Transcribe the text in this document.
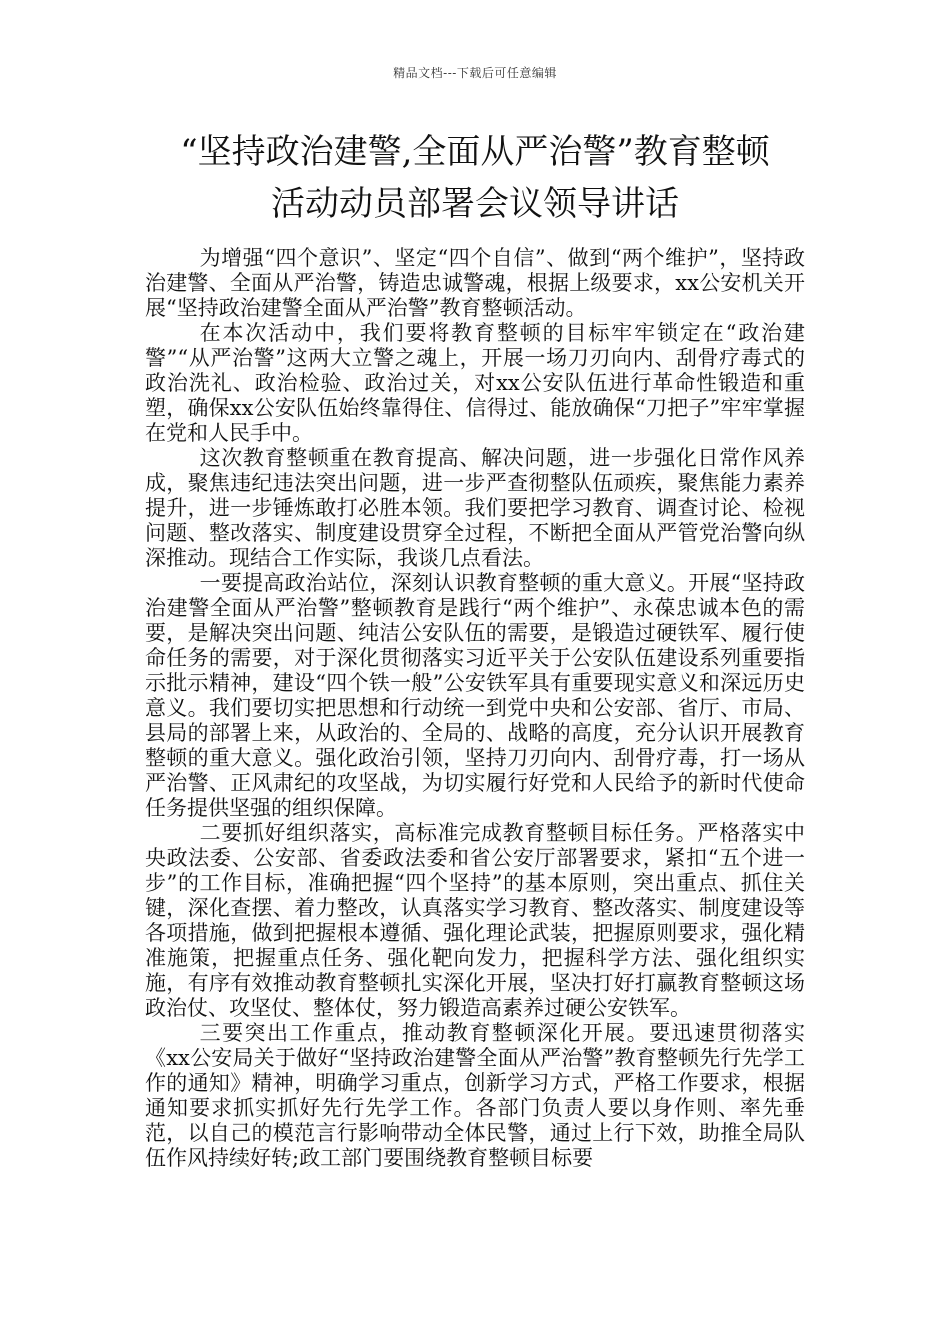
精品文档---下载后可任意编辑
“坚持政治建警,全面从严治警”教育整顿
活动动员部署会议领导讲话

为增强“四个意识”、坚定“四个自信”、做到“两个维护”，坚持政治建警、全面从严治警，铸造忠诚警魂，根据上级要求，xx公安机关开展“坚持政治建警全面从严治警”教育整顿活动。

在本次活动中，我们要将教育整顿的目标牢牢锁定在“政治建警”“从严治警”这两大立警之魂上，开展一场刀刃向内、刮骨疗毒式的政治洗礼、政治检验、政治过关，对xx公安队伍进行革命性锻造和重塑，确保xx公安队伍始终靠得住、信得过、能放确保“刀把子”牢牢掌握在党和人民手中。

这次教育整顿重在教育提高、解决问题，进一步强化日常作风养成，聚焦违纪违法突出问题，进一步严查彻整队伍顽疾，聚焦能力素养提升，进一步锤炼敢打必胜本领。我们要把学习教育、调查讨论、检视问题、整改落实、制度建设贯穿全过程，不断把全面从严管党治警向纵深推动。现结合工作实际，我谈几点看法。

一要提高政治站位，深刻认识教育整顿的重大意义。开展“坚持政治建警全面从严治警”整顿教育是践行“两个维护”、永葆忠诚本色的需要，是解决突出问题、纯洁公安队伍的需要，是锻造过硬铁军、履行使命任务的需要，对于深化贯彻落实习近平关于公安队伍建设系列重要指示批示精神，建设“四个铁一般”公安铁军具有重要现实意义和深远历史意义。我们要切实把思想和行动统一到党中央和公安部、省厅、市局、县局的部署上来，从政治的、全局的、战略的高度，充分认识开展教育整顿的重大意义。强化政治引领，坚持刀刃向内、刮骨疗毒，打一场从严治警、正风肃纪的攻坚战，为切实履行好党和人民给予的新时代使命任务提供坚强的组织保障。

二要抓好组织落实，高标准完成教育整顿目标任务。严格落实中央政法委、公安部、省委政法委和省公安厅部署要求，紧扣“五个进一步”的工作目标，准确把握“四个坚持”的基本原则，突出重点、抓住关键，深化查摆、着力整改，认真落实学习教育、整改落实、制度建设等各项措施，做到把握根本遵循、强化理论武装，把握原则要求，强化精准施策，把握重点任务、强化靶向发力，把握科学方法、强化组织实施，有序有效推动教育整顿扎实深化开展，坚决打好打赢教育整顿这场政治仗、攻坚仗、整体仗，努力锻造高素养过硬公安铁军。

三要突出工作重点，推动教育整顿深化开展。要迅速贯彻落实《xx公安局关于做好“坚持政治建警全面从严治警”教育整顿先行先学工作的通知》精神，明确学习重点，创新学习方式，严格工作要求，根据通知要求抓实抓好先行先学工作。各部门负责人要以身作则、率先垂范，以自己的模范言行影响带动全体民警，通过上行下效，助推全局队伍作风持续好转;政工部门要围绕教育整顿目标要
